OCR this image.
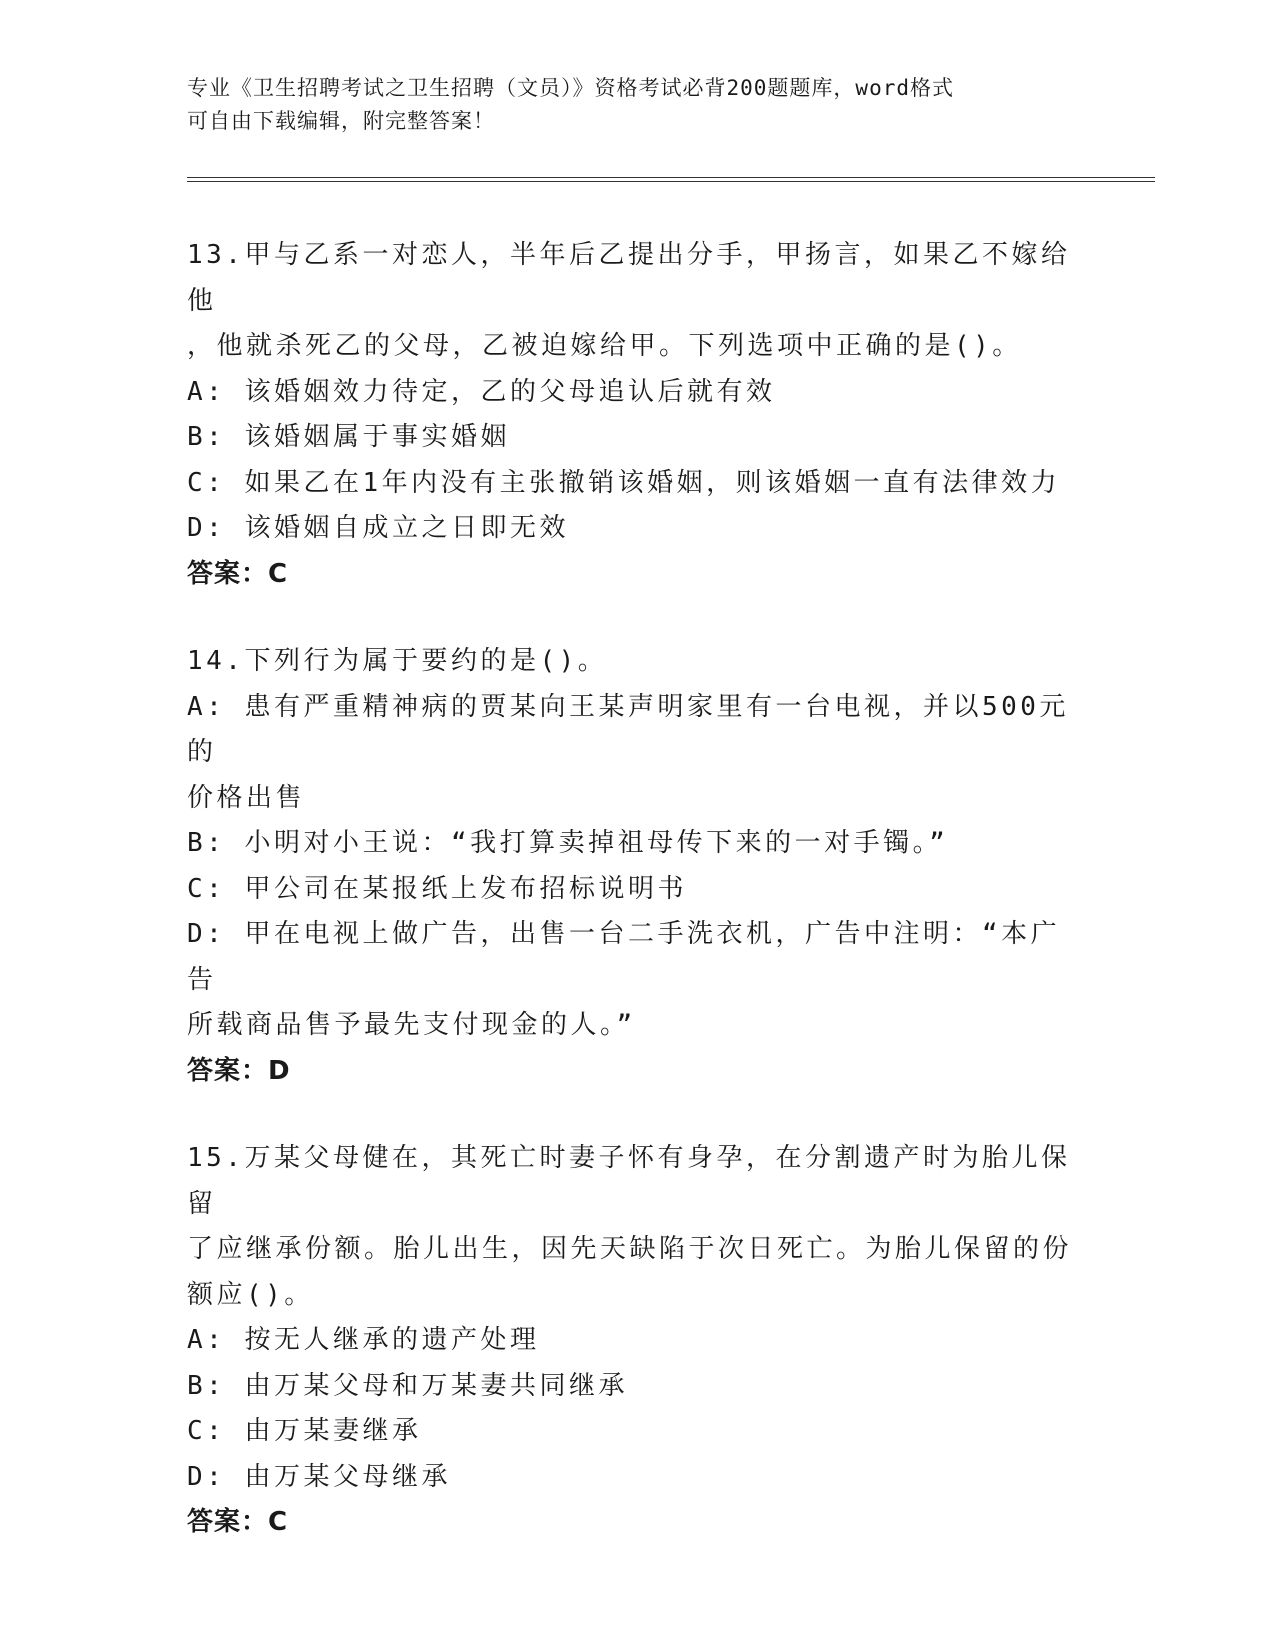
专业《卫生招聘考试之卫生招聘（文员）》资格考试必背200题题库，word格式
可自由下载编辑，附完整答案！
13.甲与乙系一对恋人，半年后乙提出分手，甲扬言，如果乙不嫁给他
，他就杀死乙的父母，乙被迫嫁给甲。下列选项中正确的是()。
A: 该婚姻效力待定，乙的父母追认后就有效
B: 该婚姻属于事实婚姻
C: 如果乙在1年内没有主张撤销该婚姻，则该婚姻一直有法律效力
D: 该婚姻自成立之日即无效
答案：C
14.下列行为属于要约的是()。
A: 患有严重精神病的贾某向王某声明家里有一台电视，并以500元的
价格出售
B: 小明对小王说：“我打算卖掉祖母传下来的一对手镯。”
C: 甲公司在某报纸上发布招标说明书
D: 甲在电视上做广告，出售一台二手洗衣机，广告中注明：“本广告
所载商品售予最先支付现金的人。”
答案：D
15.万某父母健在，其死亡时妻子怀有身孕，在分割遗产时为胎儿保留
了应继承份额。胎儿出生，因先天缺陷于次日死亡。为胎儿保留的份
额应()。
A: 按无人继承的遗产处理
B: 由万某父母和万某妻共同继承
C: 由万某妻继承
D: 由万某父母继承
答案：C
